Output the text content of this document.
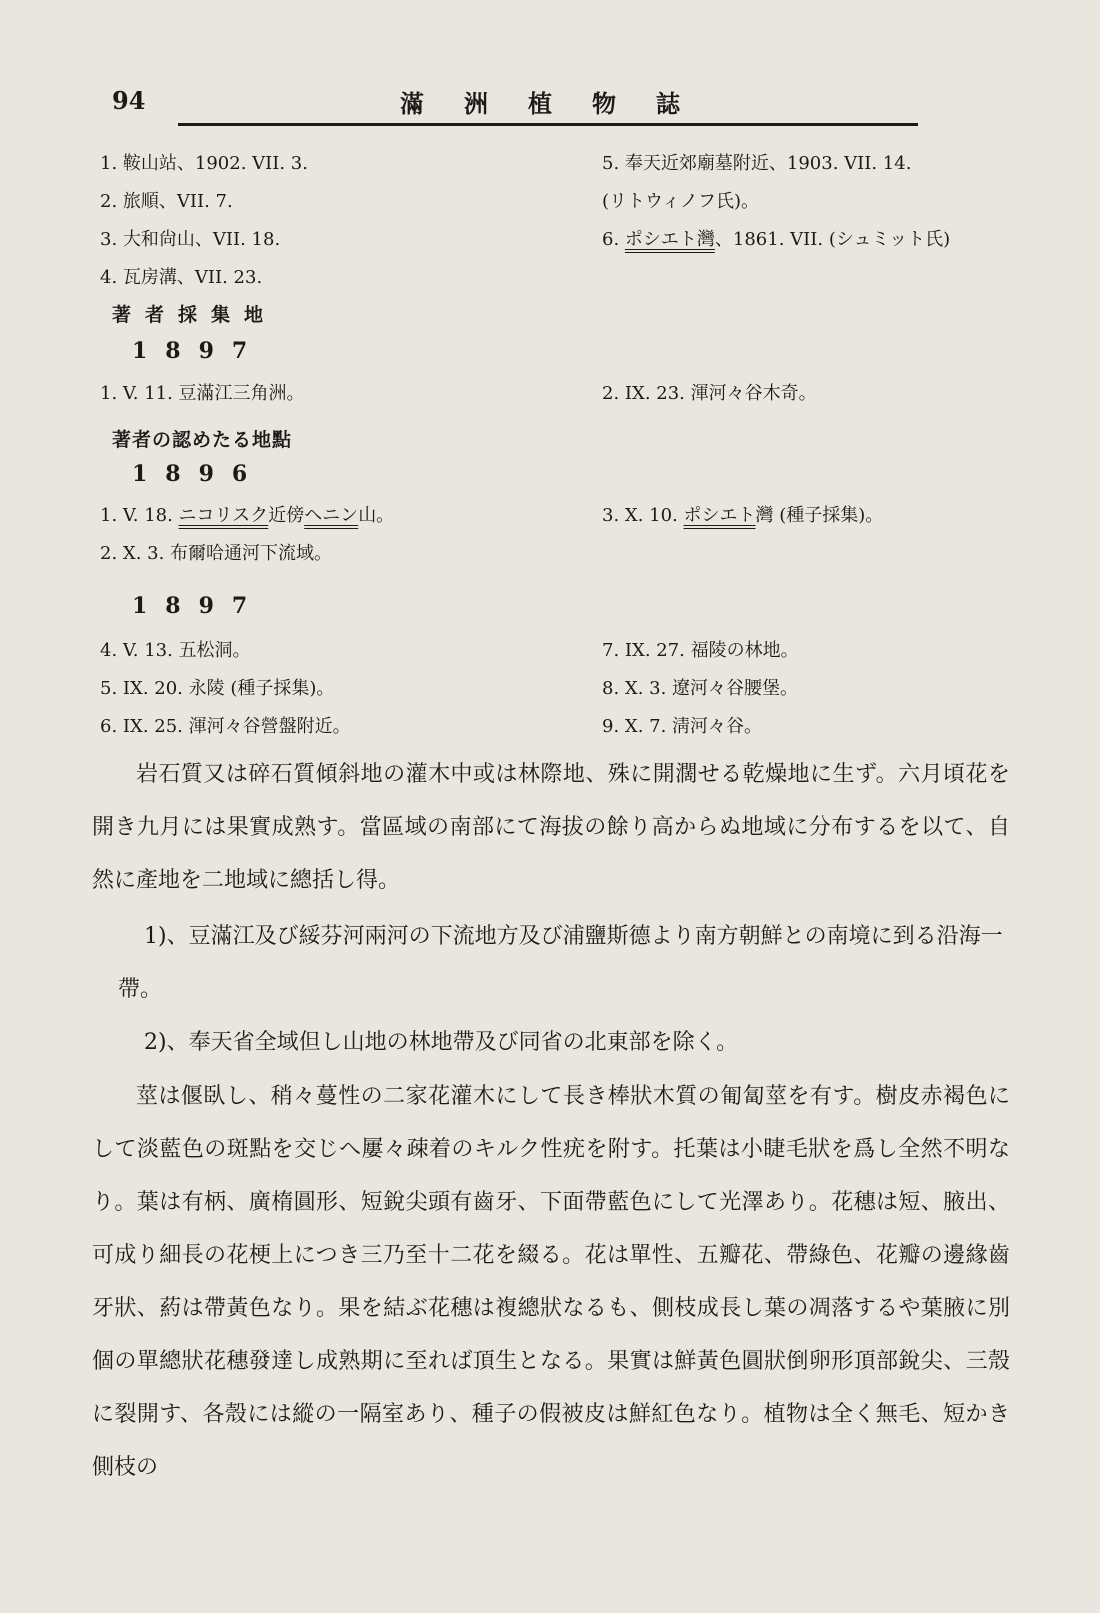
94	滿洲植物誌
1. 鞍山站、1902. VII. 3.
2. 旅順、VII. 7.
3. 大和尙山、VII. 18.
4. 瓦房溝、VII. 23.
5. 奉天近郊廟墓附近、1903. VII. 14.
(リトウィノフ氏)。
6. ポシエト灣、1861. VII. (シュミット氏)
著者採集地
1897
1. V. 11. 豆滿江三角洲。	2. IX. 23. 渾河々谷木奇。
著者の認めたる地點
1896
1. V. 18. ニコリスク近傍ヘニン山。
2. X. 3. 布爾哈通河下流域。
3. X. 10. ポシエト灣 (種子採集)。
1897
4. V. 13. 五松洞。
5. IX. 20. 永陵 (種子採集)。
6. IX. 25. 渾河々谷營盤附近。
7. IX. 27. 福陵の林地。
8. X. 3. 遼河々谷腰堡。
9. X. 7. 淸河々谷。

岩石質又は碎石質傾斜地の灌木中或は林際地、殊に開濶せる乾燥地に生ず。六月頃花を開き九月には果實成熟す。當區域の南部にて海拔の餘り高からぬ地域に分布するを以て、自然に產地を二地域に總括し得。

1)、豆滿江及び綏芬河兩河の下流地方及び浦鹽斯德より南方朝鮮との南境に到る沿海一帶。

2)、奉天省全域但し山地の林地帶及び同省の北東部を除く。

莖は偃臥し、稍々蔓性の二家花灌木にして長き棒狀木質の匍匐莖を有す。樹皮赤褐色にして淡藍色の斑點を交じへ屢々疎着のキルク性疣を附す。托葉は小睫毛狀を爲し全然不明なり。葉は有柄、廣楕圓形、短銳尖頭有齒牙、下面帶藍色にして光澤あり。花穗は短、腋出、可成り細長の花梗上につき三乃至十二花を綴る。花は單性、五瓣花、帶綠色、花瓣の邊緣齒牙狀、葯は帶黃色なり。果を結ぶ花穗は複總狀なるも、側枝成長し葉の凋落するや葉腋に別個の單總狀花穗發達し成熟期に至れば頂生となる。果實は鮮黃色圓狀倒卵形頂部銳尖、三殼に裂開す、各殼には縱の一隔室あり、種子の假被皮は鮮紅色なり。植物は全く無毛、短かき側枝の
